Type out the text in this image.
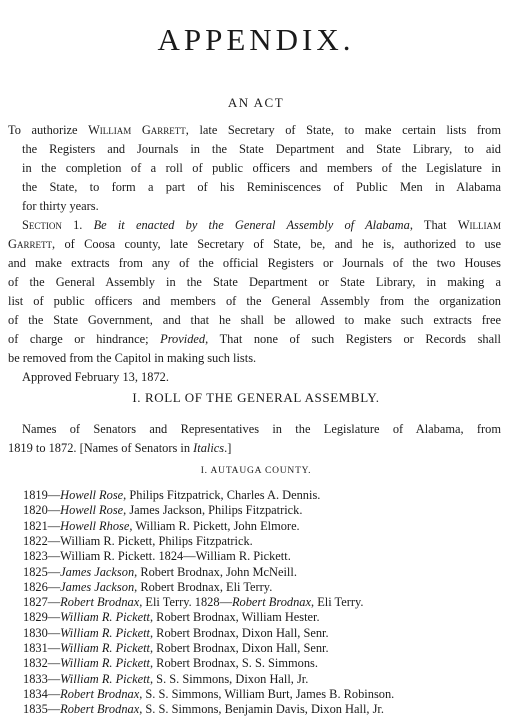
APPENDIX.
AN ACT
To authorize William Garrett, late Secretary of State, to make certain lists from
the Registers and Journals in the State Department and State Library, to aid
in the completion of a roll of public officers and members of the Legislature in
the State, to form a part of his Reminiscences of Public Men in Alabama
for thirty years.
Section 1. Be it enacted by the General Assembly of Alabama, That William
Garrett, of Coosa county, late Secretary of State, be, and he is, authorized to use
and make extracts from any of the official Registers or Journals of the two Houses
of the General Assembly in the State Department or State Library, in making a
list of public officers and members of the General Assembly from the organization
of the State Government, and that he shall be allowed to make such extracts free
of charge or hindrance; Provided, That none of such Registers or Records shall
be removed from the Capitol in making such lists.
Approved February 13, 1872.
I. ROLL OF THE GENERAL ASSEMBLY.
Names of Senators and Representatives in the Legislature of Alabama, from
1819 to 1872. [Names of Senators in Italics.]
I. AUTAUGA COUNTY.
1819—Howell Rose, Philips Fitzpatrick, Charles A. Dennis.
1820—Howell Rose, James Jackson, Philips Fitzpatrick.
1821—Howell Rhose, William R. Pickett, John Elmore.
1822—William R. Pickett, Philips Fitzpatrick.
1823—William R. Pickett. 1824—William R. Pickett.
1825—James Jackson, Robert Brodnax, John McNeill.
1826—James Jackson, Robert Brodnax, Eli Terry.
1827—Robert Brodnax, Eli Terry. 1828—Robert Brodnax, Eli Terry.
1829—William R. Pickett, Robert Brodnax, William Hester.
1830—William R. Pickett, Robert Brodnax, Dixon Hall, Senr.
1831—William R. Pickett, Robert Brodnax, Dixon Hall, Senr.
1832—William R. Pickett, Robert Brodnax, S. S. Simmons.
1833—William R. Pickett, S. S. Simmons, Dixon Hall, Jr.
1834—Robert Brodnax, S. S. Simmons, William Burt, James B. Robinson.
1835—Robert Brodnax, S. S. Simmons, Benjamin Davis, Dixon Hall, Jr.
